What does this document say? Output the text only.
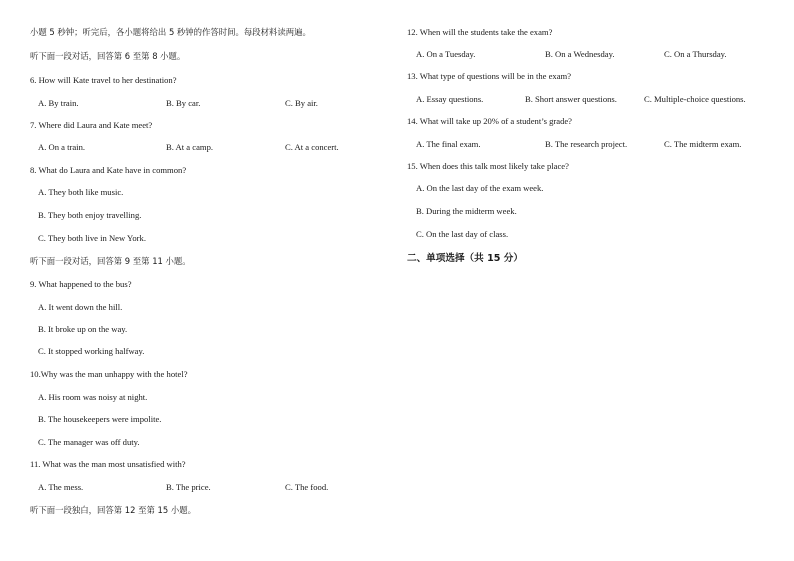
小题 5 秒钟；听完后，各小题将给出 5 秒钟的作答时间。每段材料读两遍。
听下面一段对话，回答第 6 至第 8 小题。
6. How will Kate travel to her destination?
A. By train.	B. By car.	C. By air.
7. Where did Laura and Kate meet?
A. On a train.	B. At a camp.	C. At a concert.
8. What do Laura and Kate have in common?
A. They both like music.
B. They both enjoy travelling.
C. They both live in New York.
听下面一段对话，回答第 9 至第 11 小题。
9. What happened to the bus?
A. It went down the hill.
B. It broke up on the way.
C. It stopped working halfway.
10.Why was the man unhappy with the hotel?
A. His room was noisy at night.
B. The housekeepers were impolite.
C. The manager was off duty.
11. What was the man most unsatisfied with?
A. The mess.	B. The price.	C. The food.
听下面一段独白，回答第 12 至第 15 小题。
12. When will the students take the exam?
A. On a Tuesday.	B. On a Wednesday.	C. On a Thursday.
13. What type of questions will be in the exam?
A. Essay questions.	B. Short answer questions.	C. Multiple-choice questions.
14. What will take up 20% of a student’s grade?
A. The final exam.	B. The research project.	C. The midterm exam.
15. When does this talk most likely take place?
A. On the last day of the exam week.
B. During the midterm week.
C. On the last day of class.
二、单项选择（共 15 分）
